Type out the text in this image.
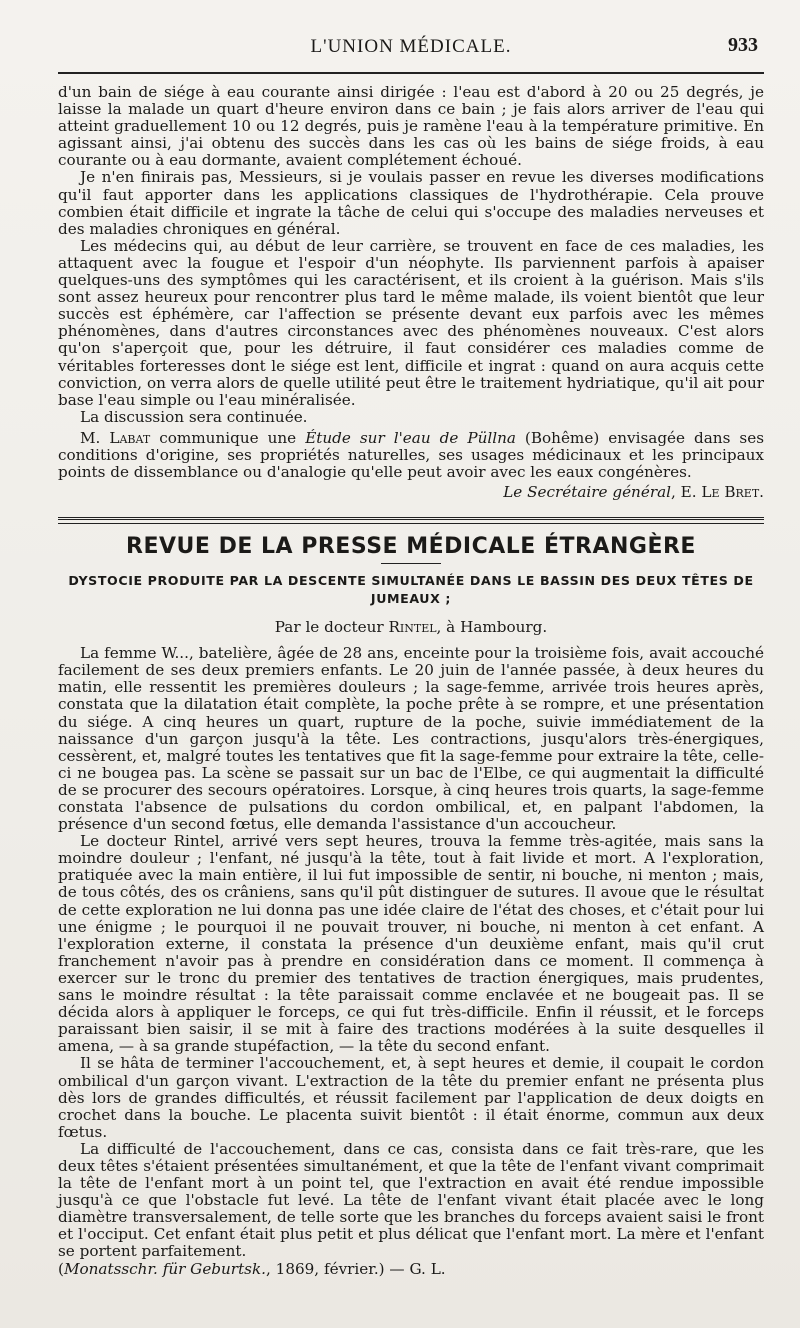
L'UNION MÉDICALE.	933

d'un bain de siége à eau courante ainsi dirigée : l'eau est d'abord à 20 ou 25 degrés, je laisse la malade un quart d'heure environ dans ce bain ; je fais alors arriver de l'eau qui atteint graduellement 10 ou 12 degrés, puis je ramène l'eau à la température primitive. En agissant ainsi, j'ai obtenu des succès dans les cas où les bains de siége froids, à eau courante ou à eau dormante, avaient complétement échoué.

Je n'en finirais pas, Messieurs, si je voulais passer en revue les diverses modifications qu'il faut apporter dans les applications classiques de l'hydrothérapie. Cela prouve combien était difficile et ingrate la tâche de celui qui s'occupe des maladies nerveuses et des maladies chroniques en général.

Les médecins qui, au début de leur carrière, se trouvent en face de ces maladies, les attaquent avec la fougue et l'espoir d'un néophyte. Ils parviennent parfois à apaiser quelques-uns des symptômes qui les caractérisent, et ils croient à la guérison. Mais s'ils sont assez heureux pour rencontrer plus tard le même malade, ils voient bientôt que leur succès est éphémère, car l'affection se présente devant eux parfois avec les mêmes phénomènes, dans d'autres circonstances avec des phénomènes nouveaux. C'est alors qu'on s'aperçoit que, pour les détruire, il faut considérer ces maladies comme de véritables forteresses dont le siége est lent, difficile et ingrat : quand on aura acquis cette conviction, on verra alors de quelle utilité peut être le traitement hydriatique, qu'il ait pour base l'eau simple ou l'eau minéralisée.

La discussion sera continuée.

M. Labat communique une Étude sur l'eau de Püllna (Bohême) envisagée dans ses conditions d'origine, ses propriétés naturelles, ses usages médicinaux et les principaux points de dissemblance ou d'analogie qu'elle peut avoir avec les eaux congénères.

Le Secrétaire général, E. Le Bret.
REVUE DE LA PRESSE MÉDICALE ÉTRANGÈRE
DYSTOCIE PRODUITE PAR LA DESCENTE SIMULTANÉE DANS LE BASSIN DES DEUX TÊTES DE JUMEAUX ;
Par le docteur Rintel, à Hambourg.

La femme W..., batelière, âgée de 28 ans, enceinte pour la troisième fois, avait accouché facilement de ses deux premiers enfants. Le 20 juin de l'année passée, à deux heures du matin, elle ressentit les premières douleurs ; la sage-femme, arrivée trois heures après, constata que la dilatation était complète, la poche prête à se rompre, et une présentation du siége. A cinq heures un quart, rupture de la poche, suivie immédiatement de la naissance d'un garçon jusqu'à la tête. Les contractions, jusqu'alors très-énergiques, cessèrent, et, malgré toutes les tentatives que fit la sage-femme pour extraire la tête, celle-ci ne bougea pas. La scène se passait sur un bac de l'Elbe, ce qui augmentait la difficulté de se procurer des secours opératoires. Lorsque, à cinq heures trois quarts, la sage-femme constata l'absence de pulsations du cordon ombilical, et, en palpant l'abdomen, la présence d'un second fœtus, elle demanda l'assistance d'un accoucheur.

Le docteur Rintel, arrivé vers sept heures, trouva la femme très-agitée, mais sans la moindre douleur ; l'enfant, né jusqu'à la tête, tout à fait livide et mort. A l'exploration, pratiquée avec la main entière, il lui fut impossible de sentir, ni bouche, ni menton ; mais, de tous côtés, des os crâniens, sans qu'il pût distinguer de sutures. Il avoue que le résultat de cette exploration ne lui donna pas une idée claire de l'état des choses, et c'était pour lui une énigme ; le pourquoi il ne pouvait trouver, ni bouche, ni menton à cet enfant. A l'exploration externe, il constata la présence d'un deuxième enfant, mais qu'il crut franchement n'avoir pas à prendre en considération dans ce moment. Il commença à exercer sur le tronc du premier des tentatives de traction énergiques, mais prudentes, sans le moindre résultat : la tête paraissait comme enclavée et ne bougeait pas. Il se décida alors à appliquer le forceps, ce qui fut très-difficile. Enfin il réussit, et le forceps paraissant bien saisir, il se mit à faire des tractions modérées à la suite desquelles il amena, — à sa grande stupéfaction, — la tête du second enfant.

Il se hâta de terminer l'accouchement, et, à sept heures et demie, il coupait le cordon ombilical d'un garçon vivant. L'extraction de la tête du premier enfant ne présenta plus dès lors de grandes difficultés, et réussit facilement par l'application de deux doigts en crochet dans la bouche. Le placenta suivit bientôt : il était énorme, commun aux deux fœtus.

La difficulté de l'accouchement, dans ce cas, consista dans ce fait très-rare, que les deux têtes s'étaient présentées simultanément, et que la tête de l'enfant vivant comprimait la tête de l'enfant mort à un point tel, que l'extraction en avait été rendue impossible jusqu'à ce que l'obstacle fut levé. La tête de l'enfant vivant était placée avec le long diamètre transversalement, de telle sorte que les branches du forceps avaient saisi le front et l'occiput. Cet enfant était plus petit et plus délicat que l'enfant mort. La mère et l'enfant se portent parfaitement.

(Monatsschr. für Geburtsk., 1869, février.) — G. L.
